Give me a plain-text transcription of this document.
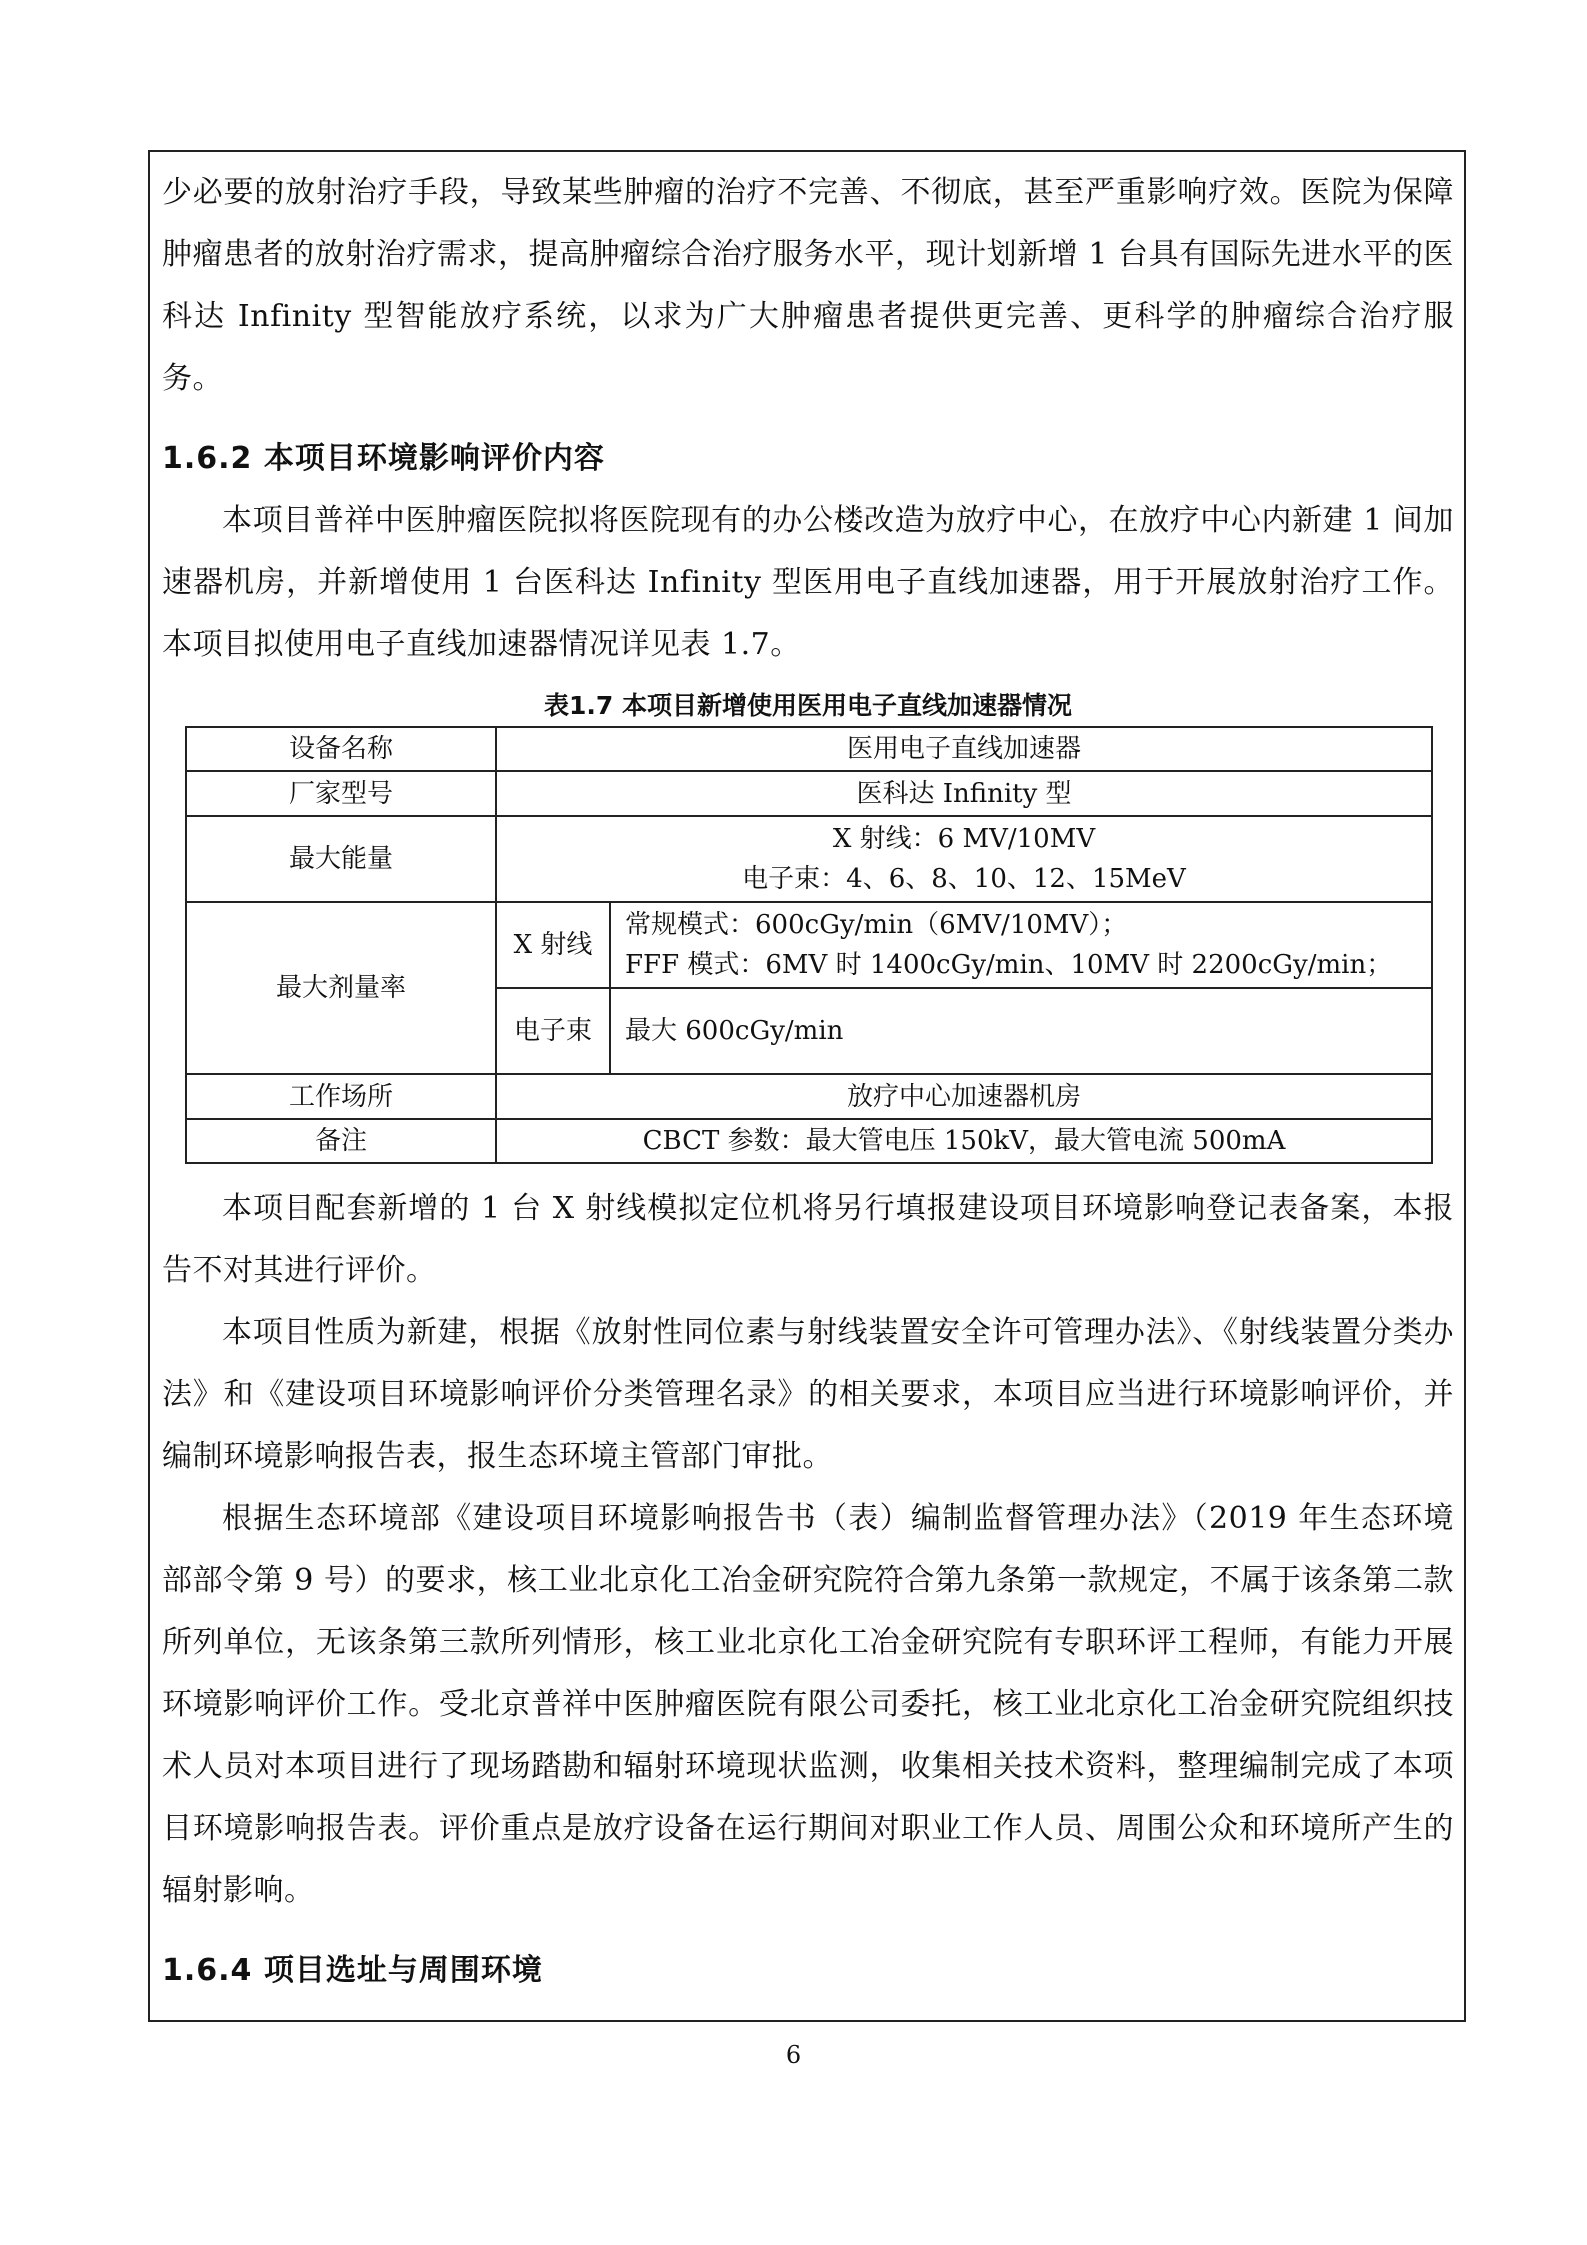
少必要的放射治疗手段，导致某些肿瘤的治疗不完善、不彻底，甚至严重影响疗效。医院为保障肿瘤患者的放射治疗需求，提高肿瘤综合治疗服务水平，现计划新增 1 台具有国际先进水平的医科达 Infinity 型智能放疗系统，以求为广大肿瘤患者提供更完善、更科学的肿瘤综合治疗服务。

1.6.2 本项目环境影响评价内容

本项目普祥中医肿瘤医院拟将医院现有的办公楼改造为放疗中心，在放疗中心内新建 1 间加速器机房，并新增使用 1 台医科达 Infinity 型医用电子直线加速器，用于开展放射治疗工作。本项目拟使用电子直线加速器情况详见表 1.7。

表1.7 本项目新增使用医用电子直线加速器情况
设备名称	医用电子直线加速器	
厂家型号	医科达 Infinity 型	
最大能量	X 射线：6 MV/10MV
电子束：4、6、8、10、12、15MeV	

最大剂量率	X 射线	常规模式：600cGy/min（6MV/10MV）；
FFF 模式：6MV 时 1400cGy/min、10MV 时 2200cGy/min；

	电子束	最大 600cGy/min
工作场所	放疗中心加速器机房	
备注	CBCT 参数：最大管电压 150kV，最大管电流 500mA	

本项目配套新增的 1 台 X 射线模拟定位机将另行填报建设项目环境影响登记表备案，本报告不对其进行评价。

本项目性质为新建，根据《放射性同位素与射线装置安全许可管理办法》、《射线装置分类办法》和《建设项目环境影响评价分类管理名录》的相关要求，本项目应当进行环境影响评价，并编制环境影响报告表，报生态环境主管部门审批。

根据生态环境部《建设项目环境影响报告书（表）编制监督管理办法》（2019 年生态环境部部令第 9 号）的要求，核工业北京化工冶金研究院符合第九条第一款规定，不属于该条第二款所列单位，无该条第三款所列情形，核工业北京化工冶金研究院有专职环评工程师，有能力开展环境影响评价工作。受北京普祥中医肿瘤医院有限公司委托，核工业北京化工冶金研究院组织技术人员对本项目进行了现场踏勘和辐射环境现状监测，收集相关技术资料，整理编制完成了本项目环境影响报告表。评价重点是放疗设备在运行期间对职业工作人员、周围公众和环境所产生的辐射影响。

1.6.4 项目选址与周围环境
6
